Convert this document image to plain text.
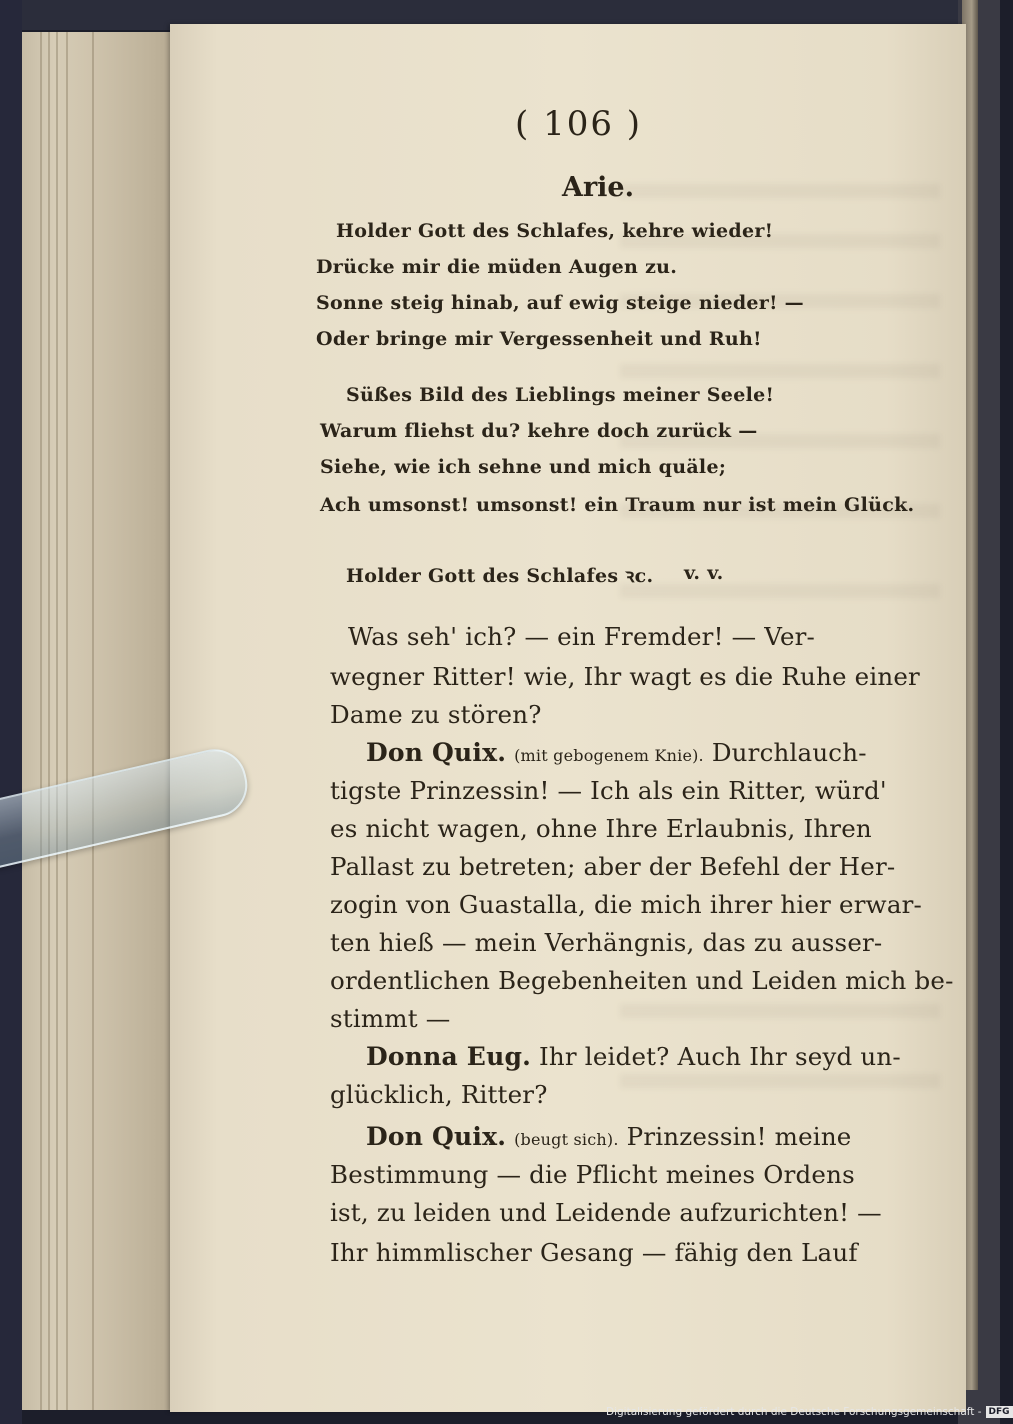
( 106 )
Arie.
Holder Gott des Schlafes, kehre wieder!
Drücke mir die müden Augen zu.
Sonne steig hinab, auf ewig steige nieder! —
Oder bringe mir Vergessenheit und Ruh!
Süßes Bild des Lieblings meiner Seele!
Warum fliehst du? kehre doch zurück —
Siehe, wie ich sehne und mich quäle;
Ach umsonst! umsonst! ein Traum nur ist mein Glück.
Holder Gott des Schlafes ꝛc. v. v.
Was seh' ich? — ein Fremder! — Ver-
wegner Ritter! wie, Ihr wagt es die Ruhe einer
Dame zu stören?
Don Quix. (mit gebogenem Knie). Durchlauch-
tigste Prinzessin! — Ich als ein Ritter, würd'
es nicht wagen, ohne Ihre Erlaubnis, Ihren
Pallast zu betreten; aber der Befehl der Her-
zogin von Guastalla, die mich ihrer hier erwar-
ten hieß — mein Verhängnis, das zu ausser-
ordentlichen Begebenheiten und Leiden mich be-
stimmt —
Donna Eug. Ihr leidet? Auch Ihr seyd un-
glücklich, Ritter?
Don Quix. (beugt sich). Prinzessin! meine
Bestimmung — die Pflicht meines Ordens
ist, zu leiden und Leidende aufzurichten! —
Ihr himmlischer Gesang — fähig den Lauf
Digitalisierung gefördert durch die Deutsche Forschungsgemeinschaft - DFG
